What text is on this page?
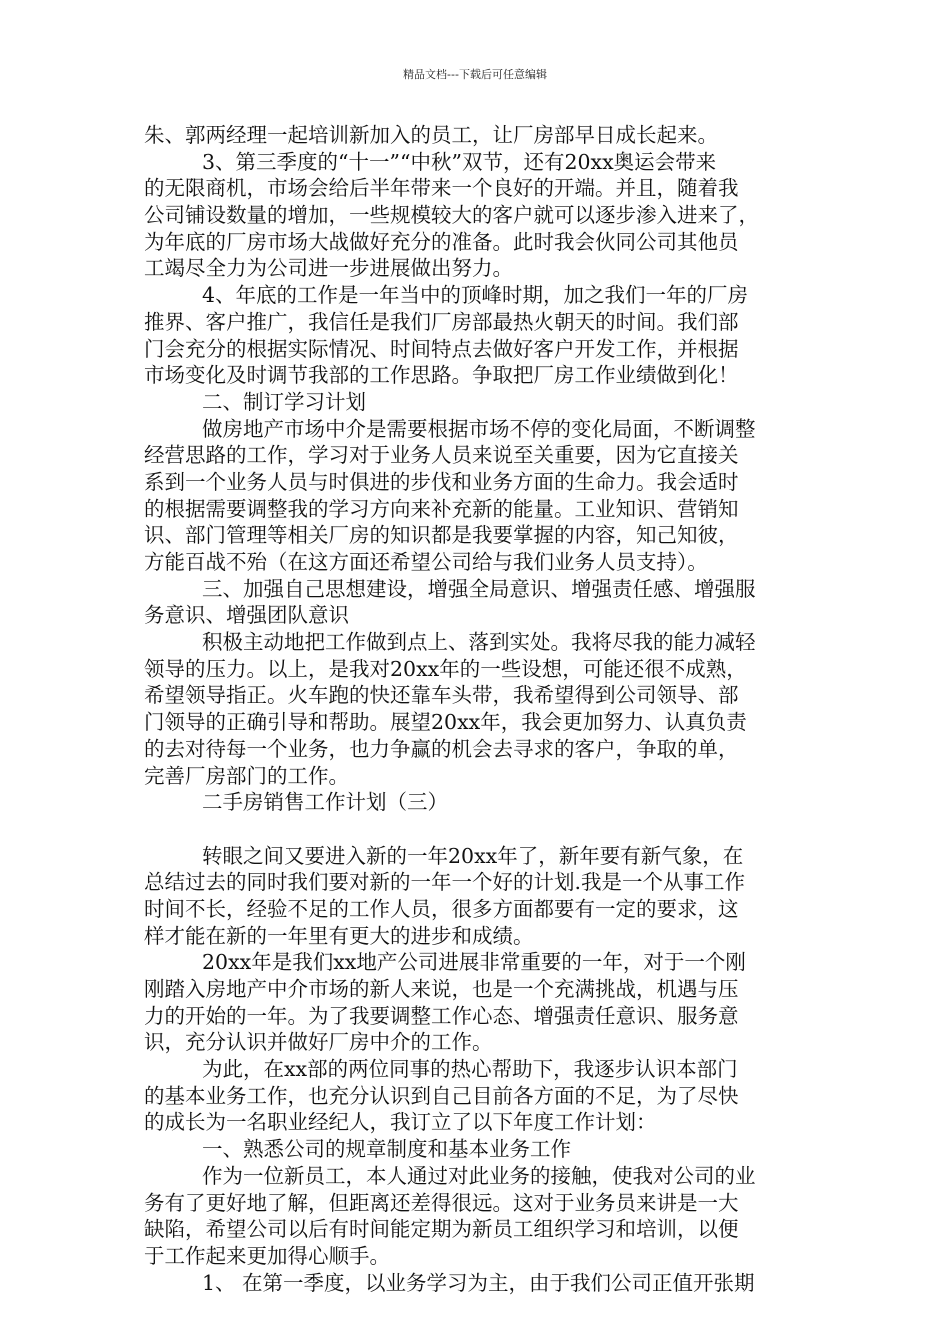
精品文档---下载后可任意编辑
朱、郭两经理一起培训新加入的员工，让厂房部早日成长起来。
3、第三季度的“十一”“中秋”双节，还有20xx奥运会带来
的无限商机，市场会给后半年带来一个良好的开端。并且，随着我
公司铺设数量的增加，一些规模较大的客户就可以逐步渗入进来了，
为年底的厂房市场大战做好充分的准备。此时我会伙同公司其他员
工竭尽全力为公司进一步进展做出努力。
4、年底的工作是一年当中的顶峰时期，加之我们一年的厂房
推界、客户推广，我信任是我们厂房部最热火朝天的时间。我们部
门会充分的根据实际情况、时间特点去做好客户开发工作，并根据
市场变化及时调节我部的工作思路。争取把厂房工作业绩做到化！
二、制订学习计划
做房地产市场中介是需要根据市场不停的变化局面，不断调整
经营思路的工作，学习对于业务人员来说至关重要，因为它直接关
系到一个业务人员与时俱进的步伐和业务方面的生命力。我会适时
的根据需要调整我的学习方向来补充新的能量。工业知识、营销知
识、部门管理等相关厂房的知识都是我要掌握的内容，知己知彼，
方能百战不殆（在这方面还希望公司给与我们业务人员支持）。
三、加强自己思想建设，增强全局意识、增强责任感、增强服
务意识、增强团队意识
积极主动地把工作做到点上、落到实处。我将尽我的能力减轻
领导的压力。以上，是我对20xx年的一些设想，可能还很不成熟，
希望领导指正。火车跑的快还靠车头带，我希望得到公司领导、部
门领导的正确引导和帮助。展望20xx年，我会更加努力、认真负责
的去对待每一个业务，也力争赢的机会去寻求的客户，争取的单，
完善厂房部门的工作。
二手房销售工作计划（三）
转眼之间又要进入新的一年20xx年了，新年要有新气象，在
总结过去的同时我们要对新的一年一个好的计划.我是一个从事工作
时间不长，经验不足的工作人员，很多方面都要有一定的要求，这
样才能在新的一年里有更大的进步和成绩。
20xx年是我们xx地产公司进展非常重要的一年，对于一个刚
刚踏入房地产中介市场的新人来说，也是一个充满挑战，机遇与压
力的开始的一年。为了我要调整工作心态、增强责任意识、服务意
识，充分认识并做好厂房中介的工作。
为此，在xx部的两位同事的热心帮助下，我逐步认识本部门
的基本业务工作，也充分认识到自己目前各方面的不足，为了尽快
的成长为一名职业经纪人，我订立了以下年度工作计划：
一、熟悉公司的规章制度和基本业务工作
作为一位新员工，本人通过对此业务的接触，使我对公司的业
务有了更好地了解，但距离还差得很远。这对于业务员来讲是一大
缺陷，希望公司以后有时间能定期为新员工组织学习和培训，以便
于工作起来更加得心顺手。
1、 在第一季度，以业务学习为主，由于我们公司正值开张期
